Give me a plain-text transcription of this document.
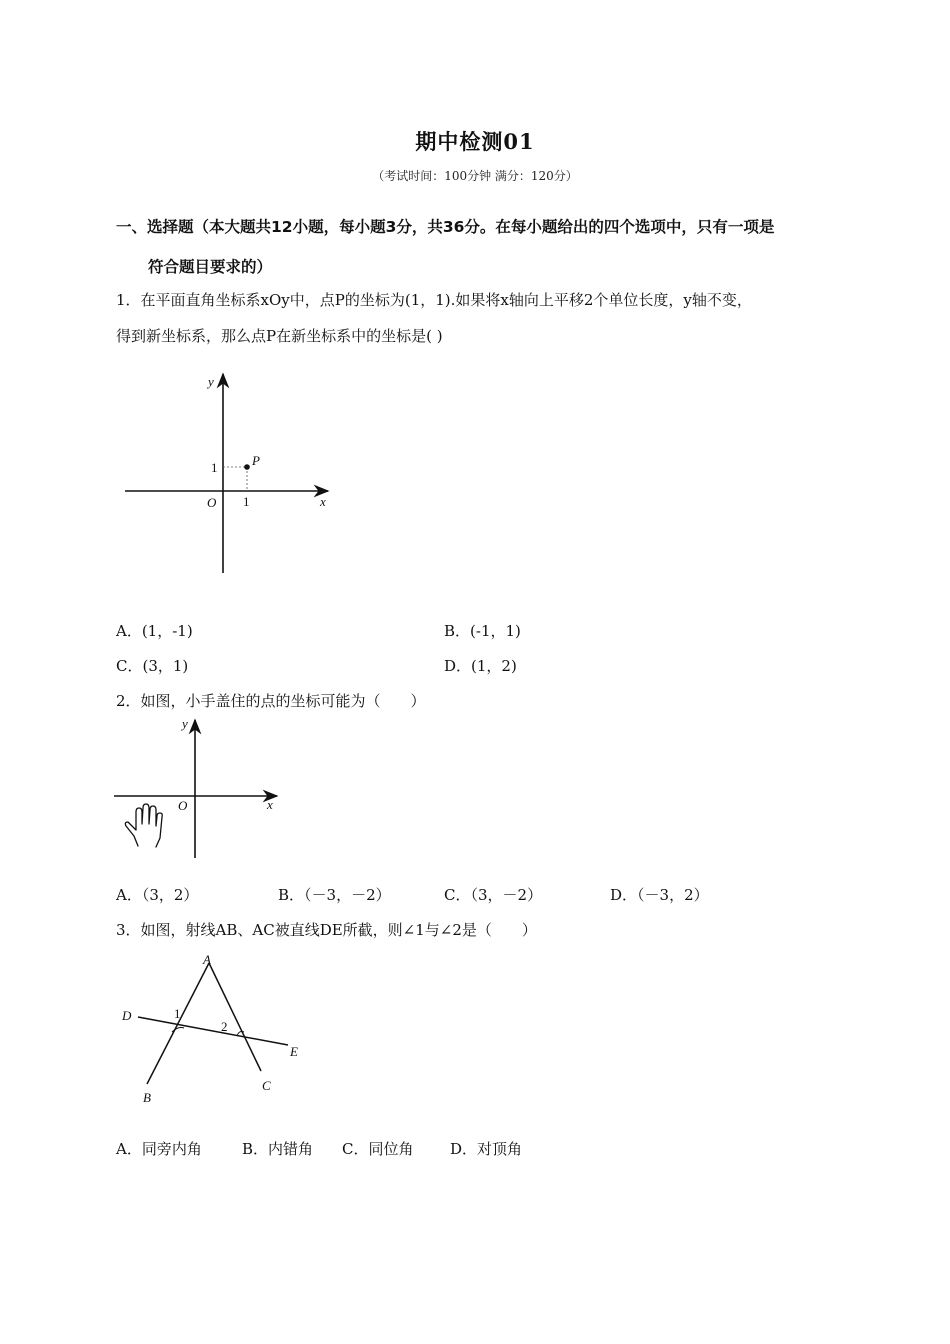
期中检测01
（考试时间：100分钟 满分：120分）
一、选择题（本大题共12小题，每小题3分，共36分。在每小题给出的四个选项中，只有一项是
符合题目要求的）
1．在平面直角坐标系xOy中，点P的坐标为(1，1).如果将x轴向上平移2个单位长度，y轴不变，
得到新坐标系，那么点P在新坐标系中的坐标是( )
y
x
O
P
1
1
A．(1，-1)	B．(-1，1)
C．(3，1)	D．(1，2)
2．如图，小手盖住的点的坐标可能为（　　）
y
x
O
A．（3，2）	B．（－3，－2）	C．（3，－2）	D．（－3，2）
3．如图，射线AB、AC被直线DE所截，则∠1与∠2是（　　）
A
B
C
D
E
1
2
A．同旁内角	B．内错角 C．同位角 D．对顶角
